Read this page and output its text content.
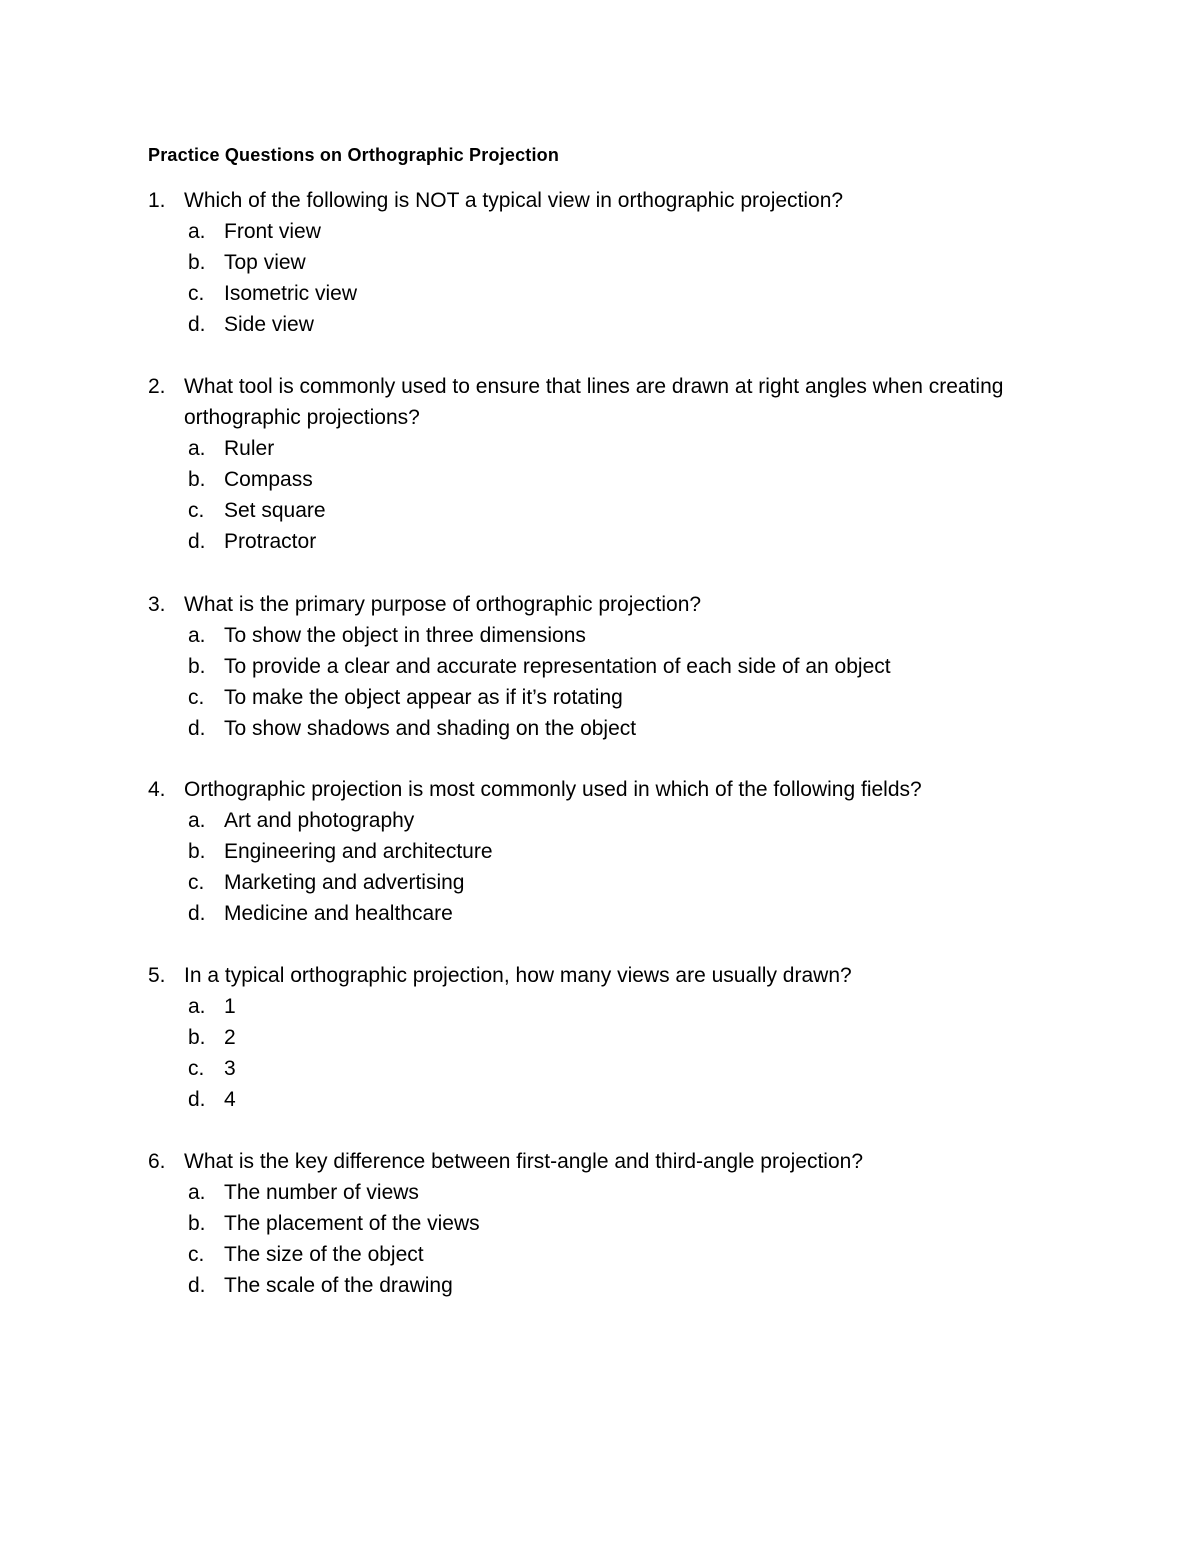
Practice Questions on Orthographic Projection
1. Which of the following is NOT a typical view in orthographic projection?
a. Front view
b. Top view
c. Isometric view
d. Side view
2. What tool is commonly used to ensure that lines are drawn at right angles when creating orthographic projections?
a. Ruler
b. Compass
c. Set square
d. Protractor
3. What is the primary purpose of orthographic projection?
a. To show the object in three dimensions
b. To provide a clear and accurate representation of each side of an object
c. To make the object appear as if it’s rotating
d. To show shadows and shading on the object
4. Orthographic projection is most commonly used in which of the following fields?
a. Art and photography
b. Engineering and architecture
c. Marketing and advertising
d. Medicine and healthcare
5. In a typical orthographic projection, how many views are usually drawn?
a. 1
b. 2
c. 3
d. 4
6. What is the key difference between first-angle and third-angle projection?
a. The number of views
b. The placement of the views
c. The size of the object
d. The scale of the drawing
